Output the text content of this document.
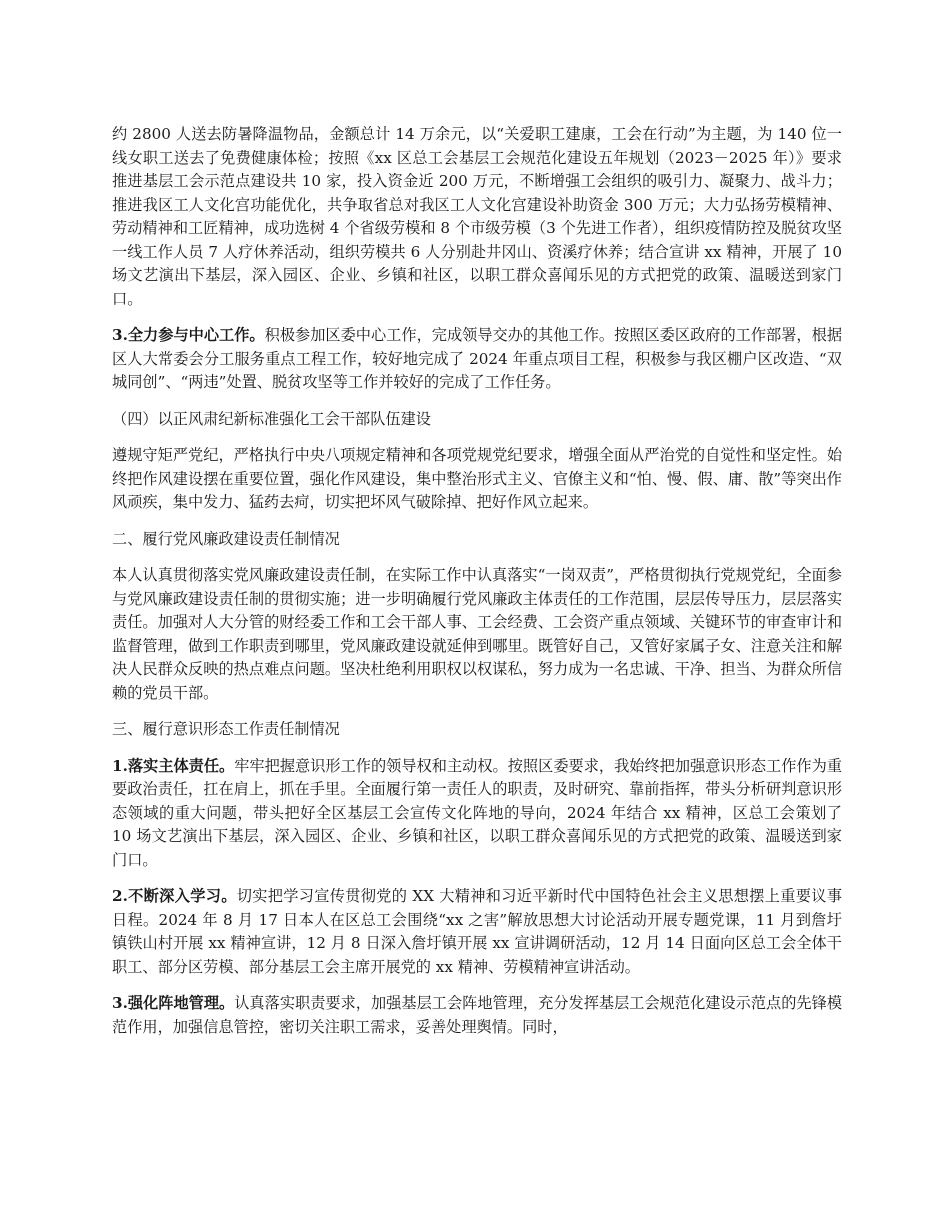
约 2800 人送去防暑降温物品，金额总计 14 万余元，以“关爱职工建康，工会在行动”为主题，为 140 位一线女职工送去了免费健康体检；按照《xx 区总工会基层工会规范化建设五年规划（2023－2025 年）》要求推进基层工会示范点建设共 10 家，投入资金近 200 万元，不断增强工会组织的吸引力、凝聚力、战斗力；推进我区工人文化宫功能优化，共争取省总对我区工人文化宫建设补助资金 300 万元；大力弘扬劳模精神、劳动精神和工匠精神，成功选树 4 个省级劳模和 8 个市级劳模（3 个先进工作者），组织疫情防控及脱贫攻坚一线工作人员 7 人疗休养活动，组织劳模共 6 人分别赴井冈山、资溪疗休养；结合宣讲 xx 精神，开展了 10 场文艺演出下基层，深入园区、企业、乡镇和社区，以职工群众喜闻乐见的方式把党的政策、温暖送到家门口。

3.全力参与中心工作。积极参加区委中心工作，完成领导交办的其他工作。按照区委区政府的工作部署，根据区人大常委会分工服务重点工程工作，较好地完成了 2024 年重点项目工程，积极参与我区棚户区改造、“双城同创”、“两违”处置、脱贫攻坚等工作并较好的完成了工作任务。

（四）以正风肃纪新标准强化工会干部队伍建设

遵规守矩严党纪，严格执行中央八项规定精神和各项党规党纪要求，增强全面从严治党的自觉性和坚定性。始终把作风建设摆在重要位置，强化作风建设，集中整治形式主义、官僚主义和“怕、慢、假、庸、散”等突出作风顽疾，集中发力、猛药去疴，切实把坏风气破除掉、把好作风立起来。

二、履行党风廉政建设责任制情况

本人认真贯彻落实党风廉政建设责任制，在实际工作中认真落实“一岗双责”，严格贯彻执行党规党纪，全面参与党风廉政建设责任制的贯彻实施；进一步明确履行党风廉政主体责任的工作范围，层层传导压力，层层落实责任。加强对人大分管的财经委工作和工会干部人事、工会经费、工会资产重点领域、关键环节的审查审计和监督管理，做到工作职责到哪里，党风廉政建设就延伸到哪里。既管好自己，又管好家属子女、注意关注和解决人民群众反映的热点难点问题。坚决杜绝利用职权以权谋私，努力成为一名忠诚、干净、担当、为群众所信赖的党员干部。

三、履行意识形态工作责任制情况

1.落实主体责任。牢牢把握意识形工作的领导权和主动权。按照区委要求，我始终把加强意识形态工作作为重要政治责任，扛在肩上，抓在手里。全面履行第一责任人的职责，及时研究、靠前指挥，带头分析研判意识形态领域的重大问题，带头把好全区基层工会宣传文化阵地的导向，2024 年结合 xx 精神，区总工会策划了 10 场文艺演出下基层，深入园区、企业、乡镇和社区，以职工群众喜闻乐见的方式把党的政策、温暖送到家门口。

2.不断深入学习。切实把学习宣传贯彻党的 XX 大精神和习近平新时代中国特色社会主义思想摆上重要议事日程。2024 年 8 月 17 日本人在区总工会围绕“xx 之害”解放思想大讨论活动开展专题党课，11 月到詹圩镇铁山村开展 xx 精神宣讲，12 月 8 日深入詹圩镇开展 xx 宣讲调研活动，12 月 14 日面向区总工会全体干职工、部分区劳模、部分基层工会主席开展党的 xx 精神、劳模精神宣讲活动。

3.强化阵地管理。认真落实职责要求，加强基层工会阵地管理，充分发挥基层工会规范化建设示范点的先锋模范作用，加强信息管控，密切关注职工需求，妥善处理舆情。同时，
